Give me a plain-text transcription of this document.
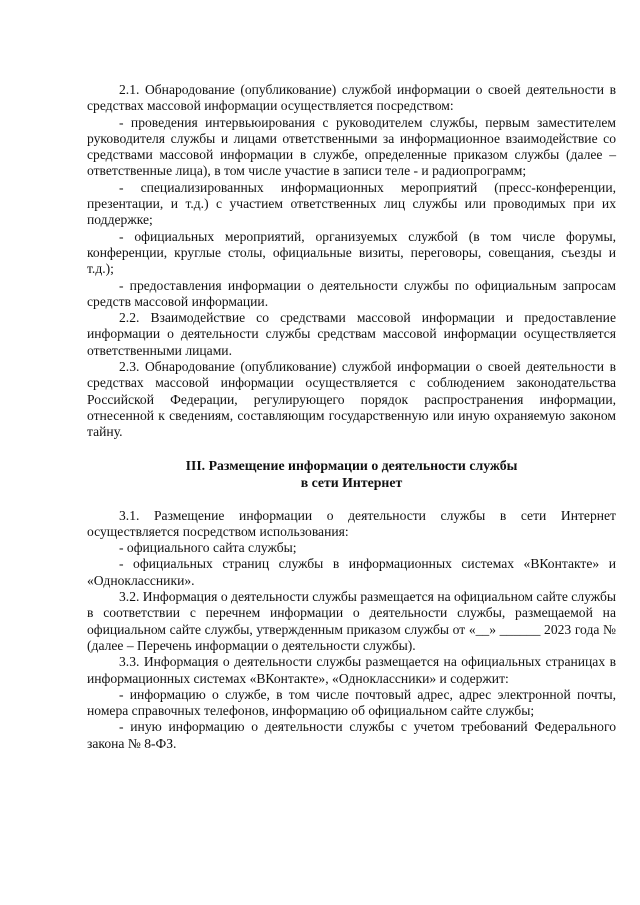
2.1. Обнародование (опубликование) службой информации о своей деятельности в средствах массовой информации осуществляется посредством:

- проведения интервьюирования с руководителем службы, первым заместителем руководителя службы и лицами ответственными за информационное взаимодействие со средствами массовой информации в службе, определенные приказом службы (далее – ответственные лица), в том числе участие в записи теле - и радиопрограмм;

- специализированных информационных мероприятий (пресс-конференции, презентации, и т.д.) с участием ответственных лиц службы или проводимых при их поддержке;

- официальных мероприятий, организуемых службой (в том числе форумы, конференции, круглые столы, официальные визиты, переговоры, совещания, съезды и т.д.);

- предоставления информации о деятельности службы по официальным запросам средств массовой информации.

2.2. Взаимодействие со средствами массовой информации и предоставление информации о деятельности службы средствам массовой информации осуществляется ответственными лицами.

2.3. Обнародование (опубликование) службой информации о своей деятельности в средствах массовой информации осуществляется с соблюдением законодательства Российской Федерации, регулирующего порядок распространения информации, отнесенной к сведениям, составляющим государственную или иную охраняемую законом тайну.

III. Размещение информации о деятельности службы
в сети Интернет

3.1. Размещение информации о деятельности службы в сети Интернет осуществляется посредством использования:

- официального сайта службы;

- официальных страниц службы в информационных системах «ВКонтакте» и «Одноклассники».

3.2. Информация о деятельности службы размещается на официальном сайте службы в соответствии с перечнем информации о деятельности службы, размещаемой на официальном сайте службы, утвержденным приказом службы от «__» ______ 2023 года № (далее – Перечень информации о деятельности службы).

3.3. Информация о деятельности службы размещается на официальных страницах в информационных системах «ВКонтакте», «Одноклассники» и содержит:

- информацию о службе, в том числе почтовый адрес, адрес электронной почты, номера справочных телефонов, информацию об официальном сайте службы;

- иную информацию о деятельности службы с учетом требований Федерального закона № 8-ФЗ.
